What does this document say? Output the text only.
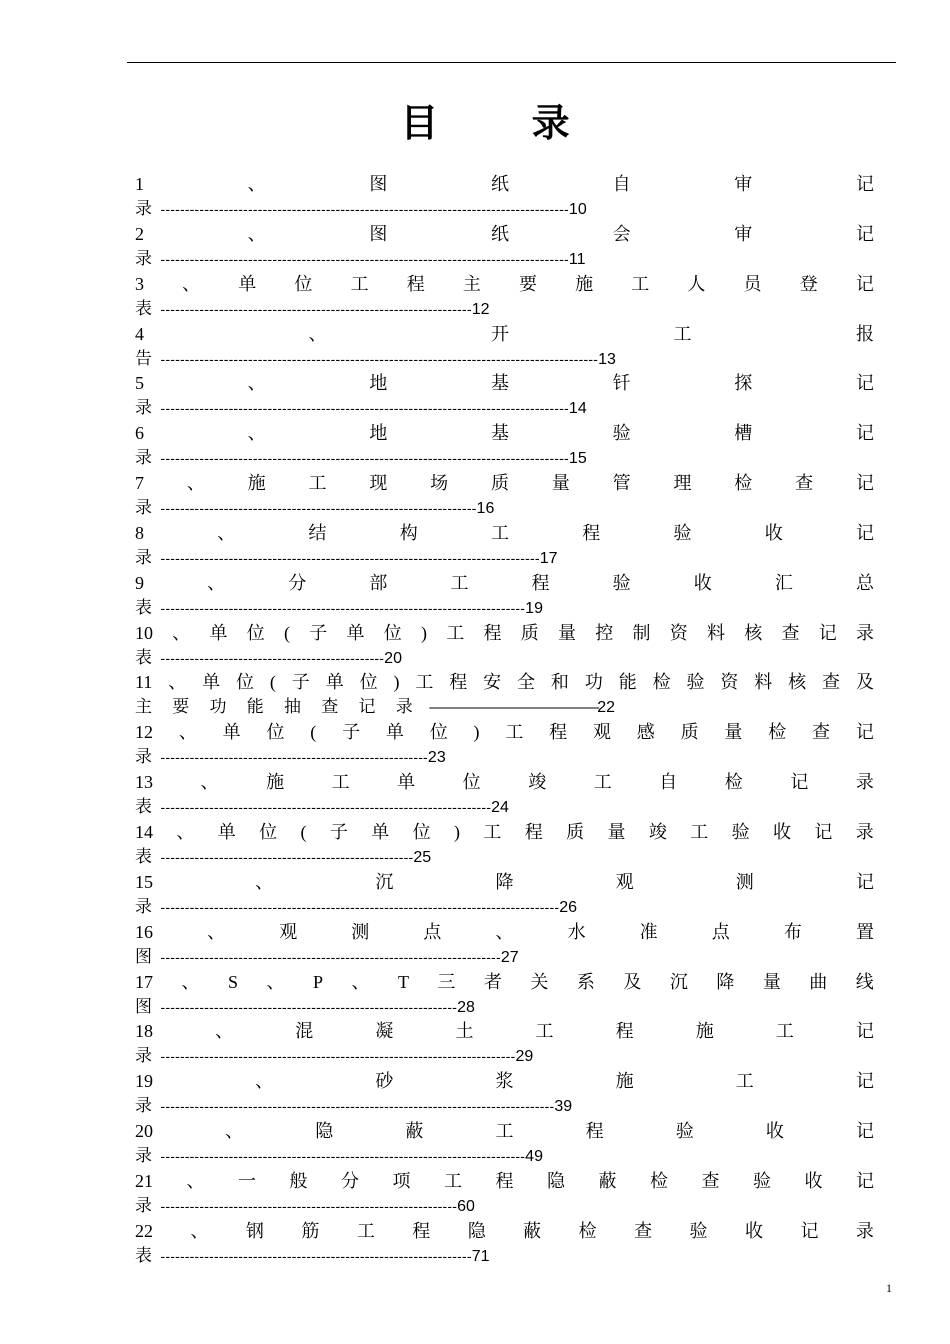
目 录
1	、	图	纸	自	审	记
录 ------------------------------------------------------------------------------------10
2	、	图	纸	会	审	记
录 ------------------------------------------------------------------------------------11
3 、 单 位 工 程 主 要 施 工 人 员 登 记
表 ----------------------------------------------------------------12
4	、	开	工	报
告 ------------------------------------------------------------------------------------------13
5	、	地	基	钎	探	记
录 ------------------------------------------------------------------------------------14
6	、	地	基	验	槽	记
录 ------------------------------------------------------------------------------------15
7 、 施 工 现 场 质 量 管 理 检 查 记
录 -----------------------------------------------------------------16
8	、	结	构	工	程	验	收	记
录 ------------------------------------------------------------------------------17
9	、	分	部	工	程	验	收	汇	总
表 ---------------------------------------------------------------------------19
10 、 单 位 ( 子 单 位 ) 工 程 质 量 控 制 资 料 核 查 记 录
表 ----------------------------------------------20
11 、 单 位 ( 子 单 位 ) 工 程 安 全 和 功 能 检 验 资 料 核 查 及
主 要 功 能 抽 查 记 录 ————————————22
12 、 单 位 ( 子 单 位 ) 工 程 观 感 质 量 检 查 记
录 -------------------------------------------------------23
13	、	施	工	单	位	竣	工	自	检	记	录
表 --------------------------------------------------------------------24
14 、 单 位 ( 子 单 位 ) 工 程 质 量 竣 工 验 收 记 录
表 ----------------------------------------------------25
15	、	沉	降	观	测	记
录 ----------------------------------------------------------------------------------26
16	、	观	测	点	、	水	准	点	布	置
图 ----------------------------------------------------------------------27
17 、 S 、 P 、 T 三 者 关 系 及 沉 降 量 曲 线
图 -------------------------------------------------------------28
18	、	混	凝	土	工	程	施	工	记
录 -------------------------------------------------------------------------29
19	、	砂	浆	施	工	记
录 ---------------------------------------------------------------------------------39
20	、	隐	蔽	工	程	验	收	记
录 ---------------------------------------------------------------------------49
21 、 一 般 分 项 工 程 隐 蔽 检 查 验 收 记
录 -------------------------------------------------------------60
22 、 钢 筋 工 程 隐 蔽 检 查 验 收 记 录
表 ----------------------------------------------------------------71
1
